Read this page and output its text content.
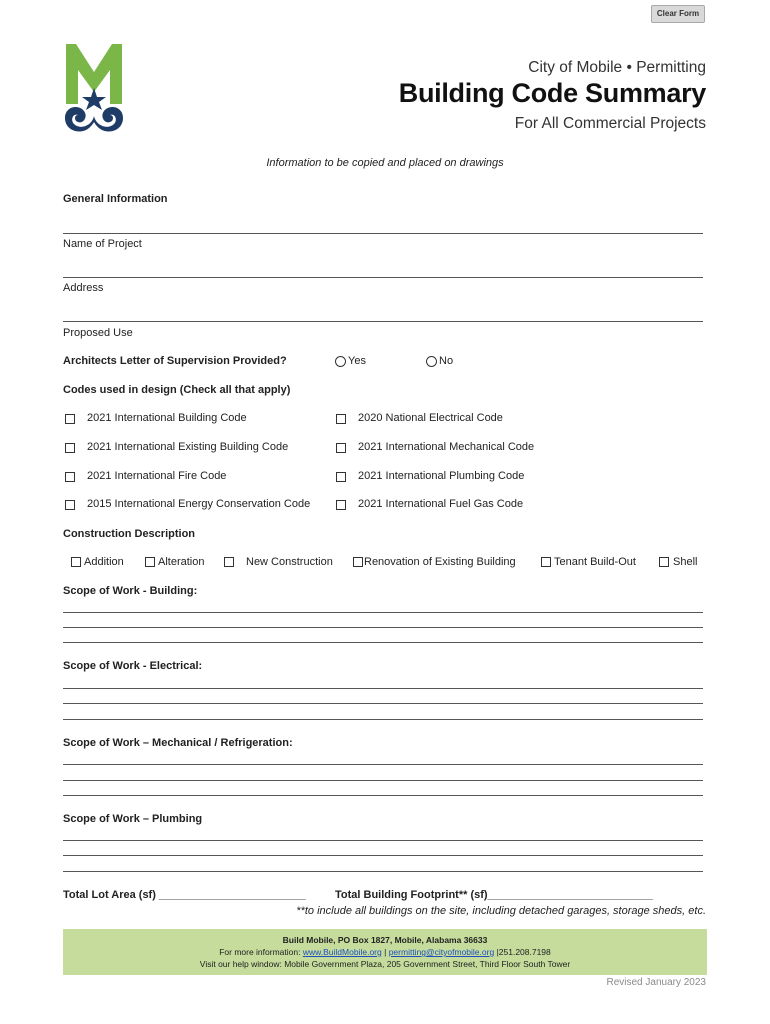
Clear Form
City of Mobile • Permitting
Building Code Summary
For All Commercial Projects
Information to be copied and placed on drawings
General Information
Name of Project
Address
Proposed Use
Architects Letter of Supervision Provided?	Yes	No
Codes used in design (Check all that apply)
2021 International Building Code	2020 National Electrical Code
2021 International Existing Building Code	2021 International Mechanical Code
2021 International Fire Code	2021 International Plumbing Code
2015 International Energy Conservation Code	2021 International Fuel Gas Code
Construction Description
Addition	Alteration	New Construction	Renovation of Existing Building	Tenant Build-Out	Shell
Scope of Work - Building:
Scope of Work - Electrical:
Scope of Work – Mechanical / Refrigeration:
Scope of Work – Plumbing
Total Lot Area (sf) ________________________	Total Building Footprint** (sf)___________________________
**to include all buildings on the site, including detached garages, storage sheds, etc.
Build Mobile, PO Box 1827, Mobile, Alabama 36633
For more information: www.BuildMobile.org | permitting@cityofmobile.org |251.208.7198
Visit our help window: Mobile Government Plaza, 205 Government Street, Third Floor South Tower
Revised January 2023
